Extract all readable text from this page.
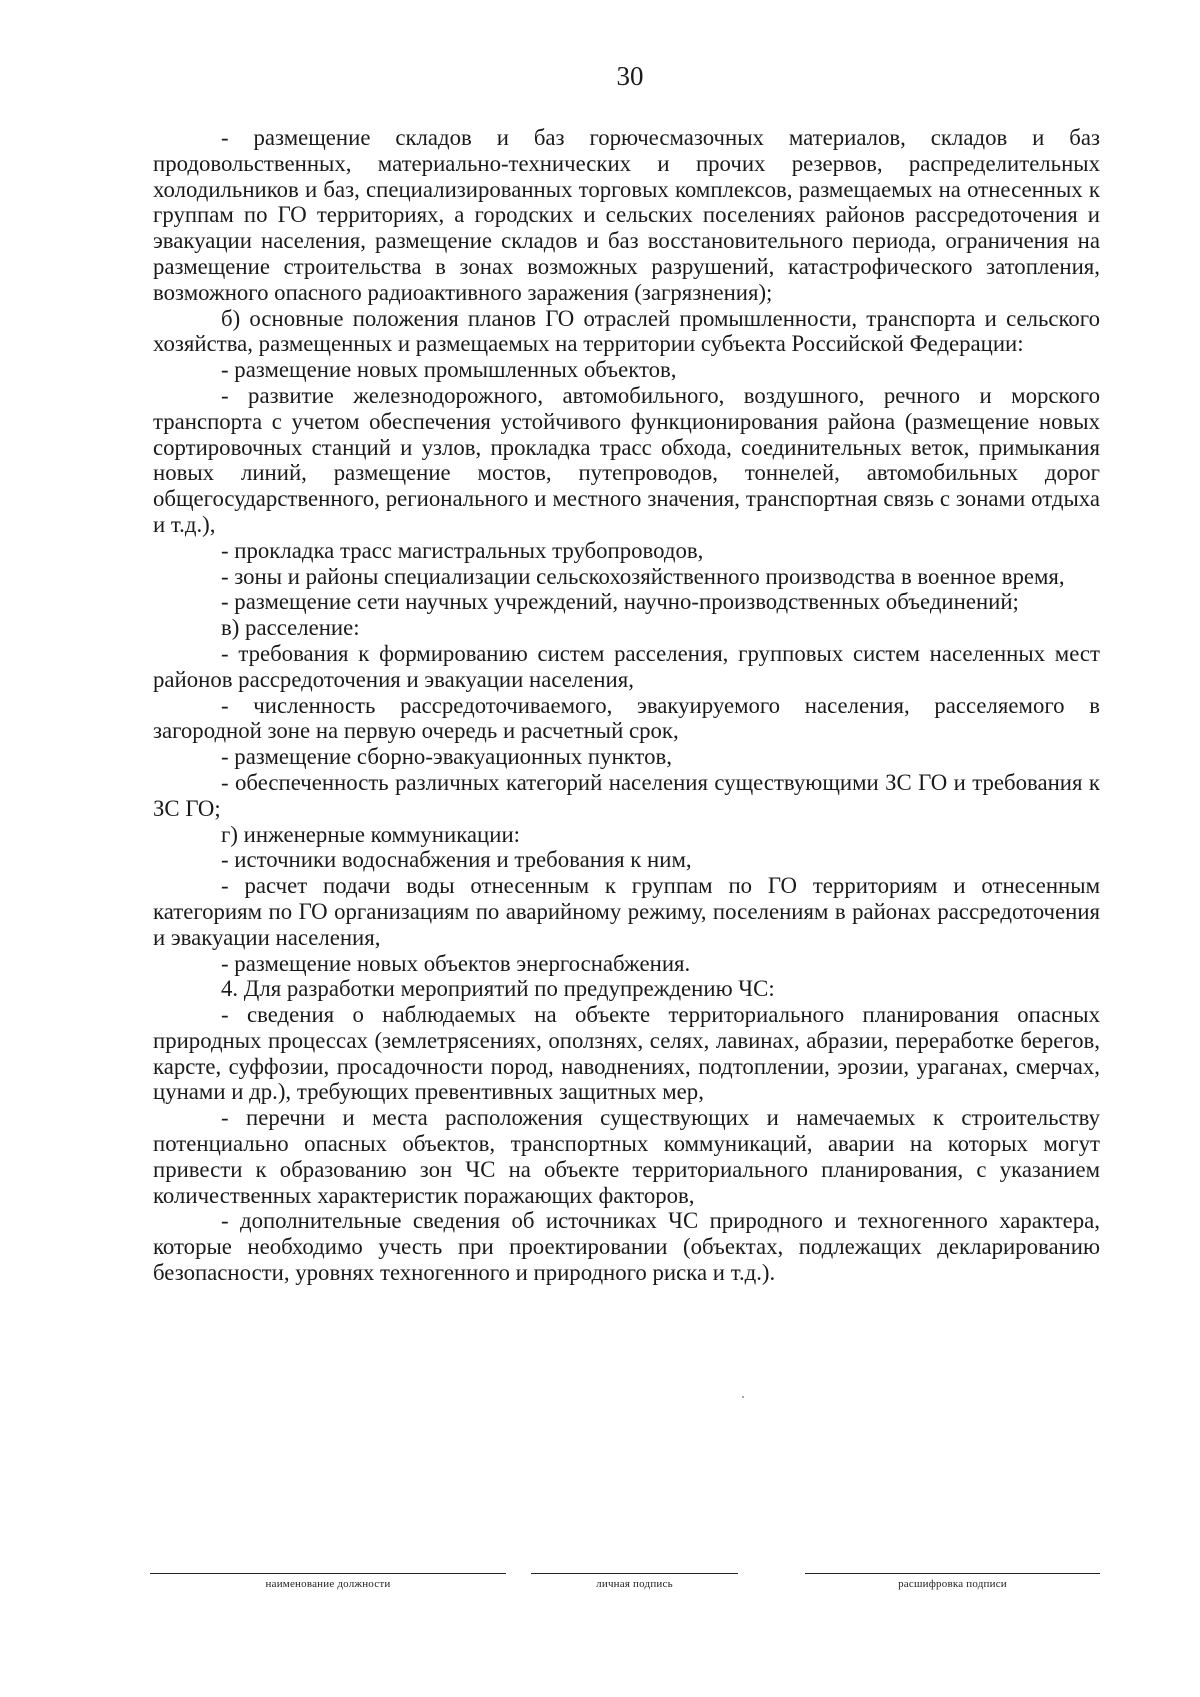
30

- размещение складов и баз горючесмазочных материалов, складов и баз продовольственных, материально-технических и прочих резервов, распределительных холодильников и баз, специализированных торговых комплексов, размещаемых на отнесенных к группам по ГО территориях, а городских и сельских поселениях районов рассредоточения и эвакуации населения, размещение складов и баз восстановительного периода, ограничения на размещение строительства в зонах возможных разрушений, катастрофического затопления, возможного опасного радиоактивного заражения (загрязнения);

б) основные положения планов ГО отраслей промышленности, транспорта и сельского хозяйства, размещенных и размещаемых на территории субъекта Российской Федерации:

- размещение новых промышленных объектов,

- развитие железнодорожного, автомобильного, воздушного, речного и морского транспорта с учетом обеспечения устойчивого функционирования района (размещение новых сортировочных станций и узлов, прокладка трасс обхода, соединительных веток, примыкания новых линий, размещение мостов, путепроводов, тоннелей, автомобильных дорог общегосударственного, регионального и местного значения, транспортная связь с зонами отдыха и т.д.),

- прокладка трасс магистральных трубопроводов,

- зоны и районы специализации сельскохозяйственного производства в военное время,

- размещение сети научных учреждений, научно-производственных объединений;

в) расселение:

- требования к формированию систем расселения, групповых систем населенных мест районов рассредоточения и эвакуации населения,

- численность рассредоточиваемого, эвакуируемого населения, расселяемого в загородной зоне на первую очередь и расчетный срок,

- размещение сборно-эвакуационных пунктов,

- обеспеченность различных категорий населения существующими ЗС ГО и требования к ЗС ГО;

г) инженерные коммуникации:

- источники водоснабжения и требования к ним,

- расчет подачи воды отнесенным к группам по ГО территориям и отнесенным категориям по ГО организациям по аварийному режиму, поселениям в районах рассредоточения и эвакуации населения,

- размещение новых объектов энергоснабжения.

4. Для разработки мероприятий по предупреждению ЧС:

- сведения о наблюдаемых на объекте территориального планирования опасных природных процессах (землетрясениях, оползнях, селях, лавинах, абразии, переработке берегов, карсте, суффозии, просадочности пород, наводнениях, подтоплении, эрозии, ураганах, смерчах, цунами и др.), требующих превентивных защитных мер,

- перечни и места расположения существующих и намечаемых к строительству потенциально опасных объектов, транспортных коммуникаций, аварии на которых могут привести к образованию зон ЧС на объекте территориального планирования, с указанием количественных характеристик поражающих факторов,

- дополнительные сведения об источниках ЧС природного и техногенного характера, которые необходимо учесть при проектировании (объектах, подлежащих декларированию безопасности, уровнях техногенного и природного риска и т.д.).

наименование должности	личная подпись	расшифровка подписи
